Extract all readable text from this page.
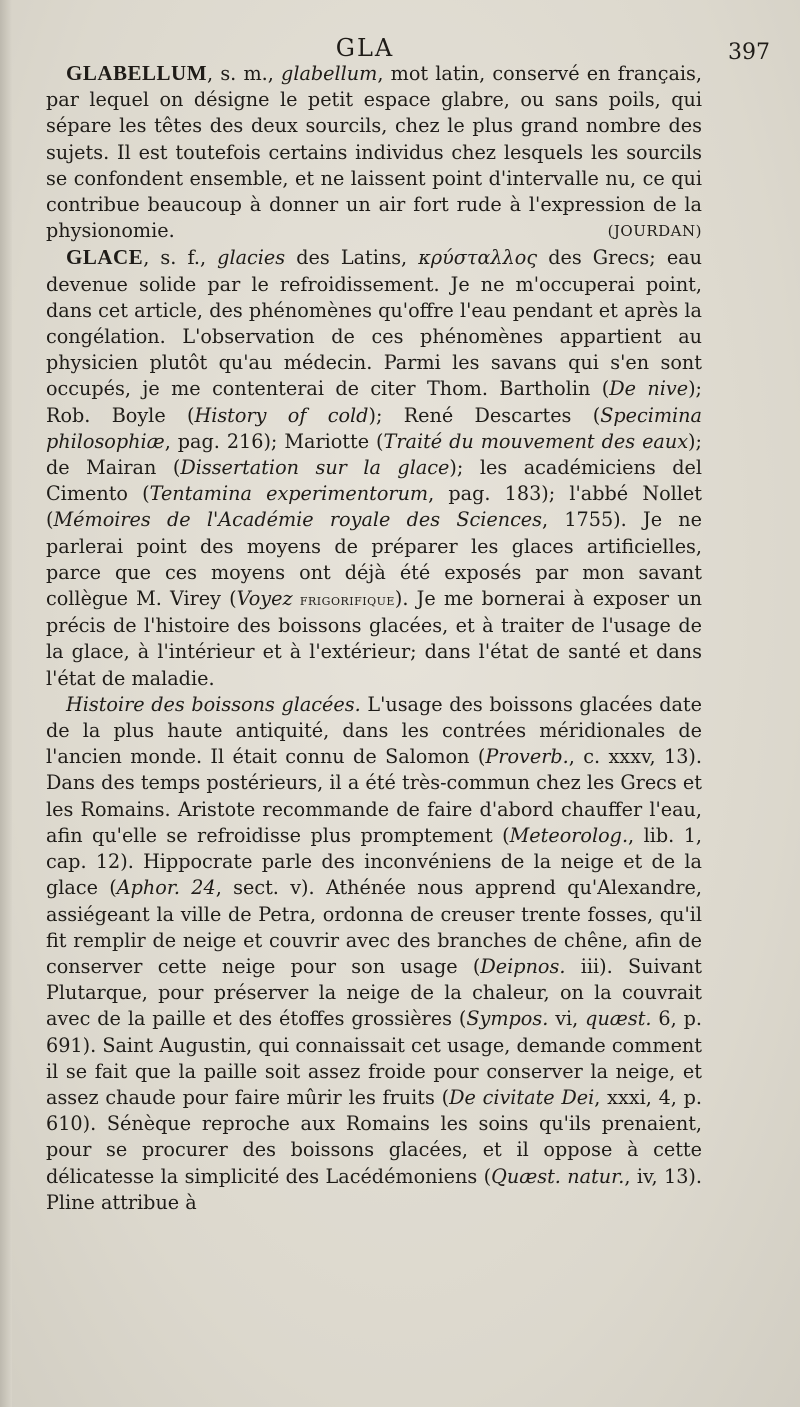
GLA	397

GLABELLUM, s. m., glabellum, mot latin, conservé en français, par lequel on désigne le petit espace glabre, ou sans poils, qui sépare les têtes des deux sourcils, chez le plus grand nombre des sujets. Il est toutefois certains individus chez lesquels les sourcils se confondent ensemble, et ne laissent point d'intervalle nu, ce qui contribue beaucoup à donner un air fort rude à l'expression de la physionomie.	(JOURDAN)

GLACE, s. f., glacies des Latins, κρύσταλλος des Grecs; eau devenue solide par le refroidissement. Je ne m'occuperai point, dans cet article, des phénomènes qu'offre l'eau pendant et après la congélation. L'observation de ces phénomènes appartient au physicien plutôt qu'au médecin. Parmi les savans qui s'en sont occupés, je me contenterai de citer Thom. Bartholin (De nive); Rob. Boyle (History of cold); René Descartes (Specimina philosophiæ, pag. 216); Mariotte (Traité du mouvement des eaux); de Mairan (Dissertation sur la glace); les académiciens del Cimento (Tentamina experimentorum, pag. 183); l'abbé Nollet (Mémoires de l'Académie royale des Sciences, 1755). Je ne parlerai point des moyens de préparer les glaces artificielles, parce que ces moyens ont déjà été exposés par mon savant collègue M. Virey (Voyez frigorifique). Je me bornerai à exposer un précis de l'histoire des boissons glacées, et à traiter de l'usage de la glace, à l'intérieur et à l'extérieur; dans l'état de santé et dans l'état de maladie.

Histoire des boissons glacées. L'usage des boissons glacées date de la plus haute antiquité, dans les contrées méridionales de l'ancien monde. Il était connu de Salomon (Proverb., c. xxxv, 13). Dans des temps postérieurs, il a été très-commun chez les Grecs et les Romains. Aristote recommande de faire d'abord chauffer l'eau, afin qu'elle se refroidisse plus promptement (Meteorolog., lib. 1, cap. 12). Hippocrate parle des inconvéniens de la neige et de la glace (Aphor. 24, sect. v). Athénée nous apprend qu'Alexandre, assiégeant la ville de Petra, ordonna de creuser trente fosses, qu'il fit remplir de neige et couvrir avec des branches de chêne, afin de conserver cette neige pour son usage (Deipnos. iii). Suivant Plutarque, pour préserver la neige de la chaleur, on la couvrait avec de la paille et des étoffes grossières (Sympos. vi, quæst. 6, p. 691). Saint Augustin, qui connaissait cet usage, demande comment il se fait que la paille soit assez froide pour conserver la neige, et assez chaude pour faire mûrir les fruits (De civitate Dei, xxxi, 4, p. 610). Sénèque reproche aux Romains les soins qu'ils prenaient, pour se procurer des boissons glacées, et il oppose à cette délicatesse la simplicité des Lacédémoniens (Quæst. natur., iv, 13). Pline attribue à
